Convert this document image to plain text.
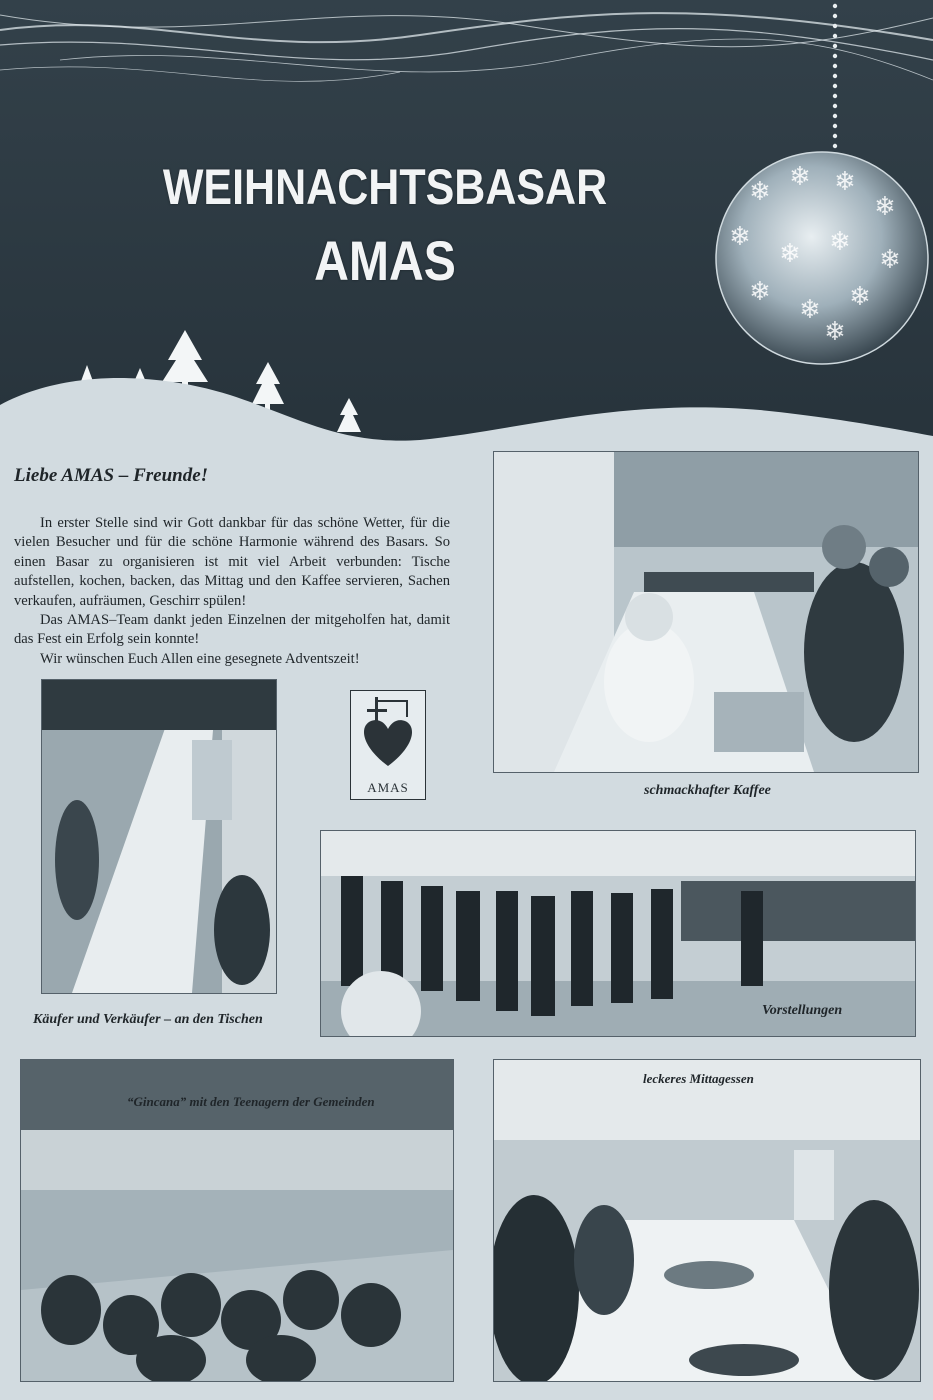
❄ ❄ ❄
❄
❄
❄ ❄
❄
❄
❄ ❄
❄
WEIHNACHTSBASAR
AMAS
Liebe AMAS – Freunde!

In erster Stelle sind wir Gott dankbar für das schöne Wetter, für die vielen Besucher und für die schöne Harmonie während des Basars. So einen Basar zu organisieren ist mit viel Arbeit verbunden: Tische aufstellen, kochen, backen, das Mittag und den Kaffee servieren, Sachen verkaufen, aufräumen, Geschirr spülen!

Das AMAS–Team dankt jeden Einzelnen der mitgeholfen hat, damit das Fest ein Erfolg sein konnte!

Wir wünschen Euch Allen eine gesegnete Adventszeit!

schmackhafter Kaffee
Käufer und Verkäufer – an den Tischen
AMAS
Vorstellungen
“Gincana” mit den Teenagern der Gemeinden
leckeres Mittagessen
